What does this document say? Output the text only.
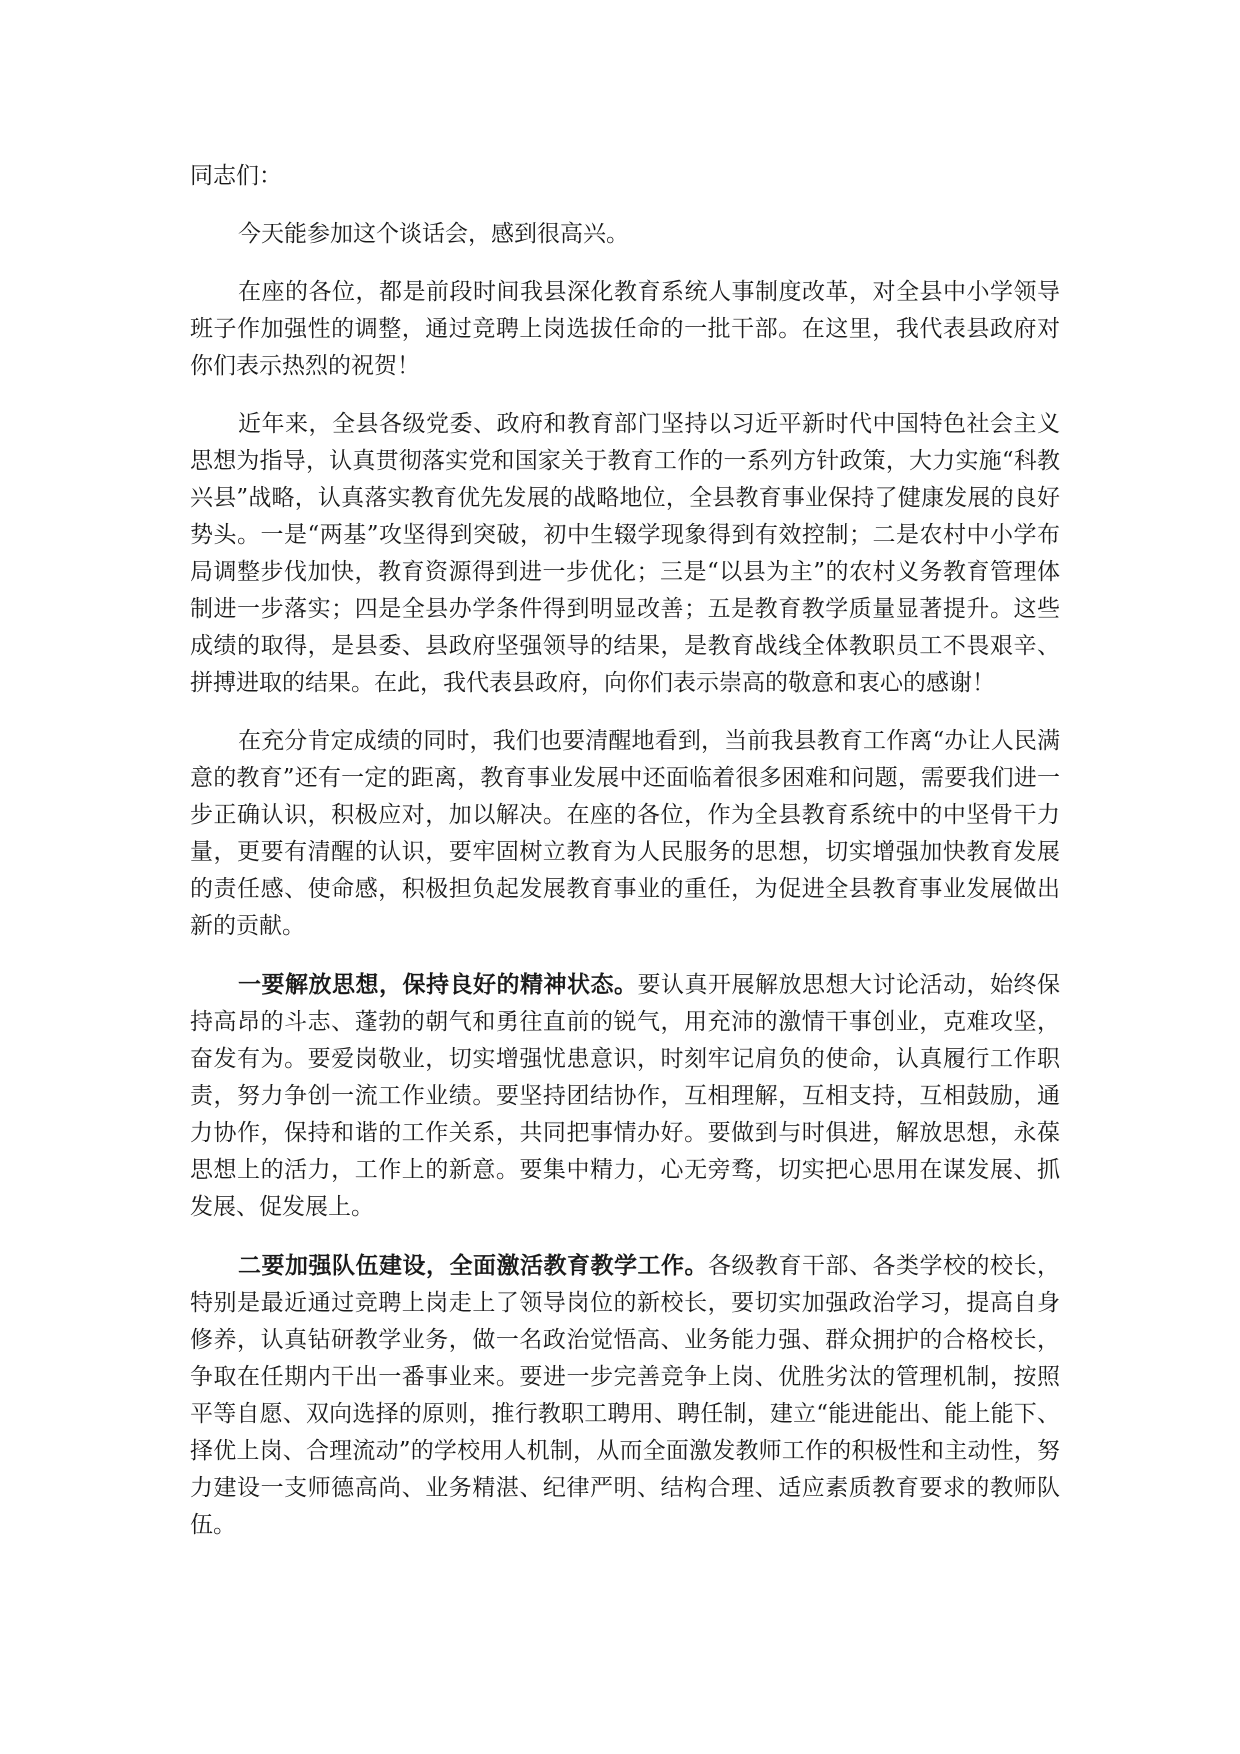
同志们：

今天能参加这个谈话会，感到很高兴。

在座的各位，都是前段时间我县深化教育系统人事制度改革，对全县中小学领导班子作加强性的调整，通过竞聘上岗选拔任命的一批干部。在这里，我代表县政府对你们表示热烈的祝贺！

近年来，全县各级党委、政府和教育部门坚持以习近平新时代中国特色社会主义思想为指导，认真贯彻落实党和国家关于教育工作的一系列方针政策，大力实施“科教兴县”战略，认真落实教育优先发展的战略地位，全县教育事业保持了健康发展的良好势头。一是“两基”攻坚得到突破，初中生辍学现象得到有效控制；二是农村中小学布局调整步伐加快，教育资源得到进一步优化；三是“以县为主”的农村义务教育管理体制进一步落实；四是全县办学条件得到明显改善；五是教育教学质量显著提升。这些成绩的取得，是县委、县政府坚强领导的结果，是教育战线全体教职员工不畏艰辛、拼搏进取的结果。在此，我代表县政府，向你们表示崇高的敬意和衷心的感谢！

在充分肯定成绩的同时，我们也要清醒地看到，当前我县教育工作离“办让人民满意的教育”还有一定的距离，教育事业发展中还面临着很多困难和问题，需要我们进一步正确认识，积极应对，加以解决。在座的各位，作为全县教育系统中的中坚骨干力量，更要有清醒的认识，要牢固树立教育为人民服务的思想，切实增强加快教育发展的责任感、使命感，积极担负起发展教育事业的重任，为促进全县教育事业发展做出新的贡献。

一要解放思想，保持良好的精神状态。要认真开展解放思想大讨论活动，始终保持高昂的斗志、蓬勃的朝气和勇往直前的锐气，用充沛的激情干事创业，克难攻坚，奋发有为。要爱岗敬业，切实增强忧患意识，时刻牢记肩负的使命，认真履行工作职责，努力争创一流工作业绩。要坚持团结协作，互相理解，互相支持，互相鼓励，通力协作，保持和谐的工作关系，共同把事情办好。要做到与时俱进，解放思想，永葆思想上的活力，工作上的新意。要集中精力，心无旁骛，切实把心思用在谋发展、抓发展、促发展上。

二要加强队伍建设，全面激活教育教学工作。各级教育干部、各类学校的校长，特别是最近通过竞聘上岗走上了领导岗位的新校长，要切实加强政治学习，提高自身修养，认真钻研教学业务，做一名政治觉悟高、业务能力强、群众拥护的合格校长，争取在任期内干出一番事业来。要进一步完善竞争上岗、优胜劣汰的管理机制，按照平等自愿、双向选择的原则，推行教职工聘用、聘任制，建立“能进能出、能上能下、择优上岗、合理流动”的学校用人机制，从而全面激发教师工作的积极性和主动性，努力建设一支师德高尚、业务精湛、纪律严明、结构合理、适应素质教育要求的教师队伍。
